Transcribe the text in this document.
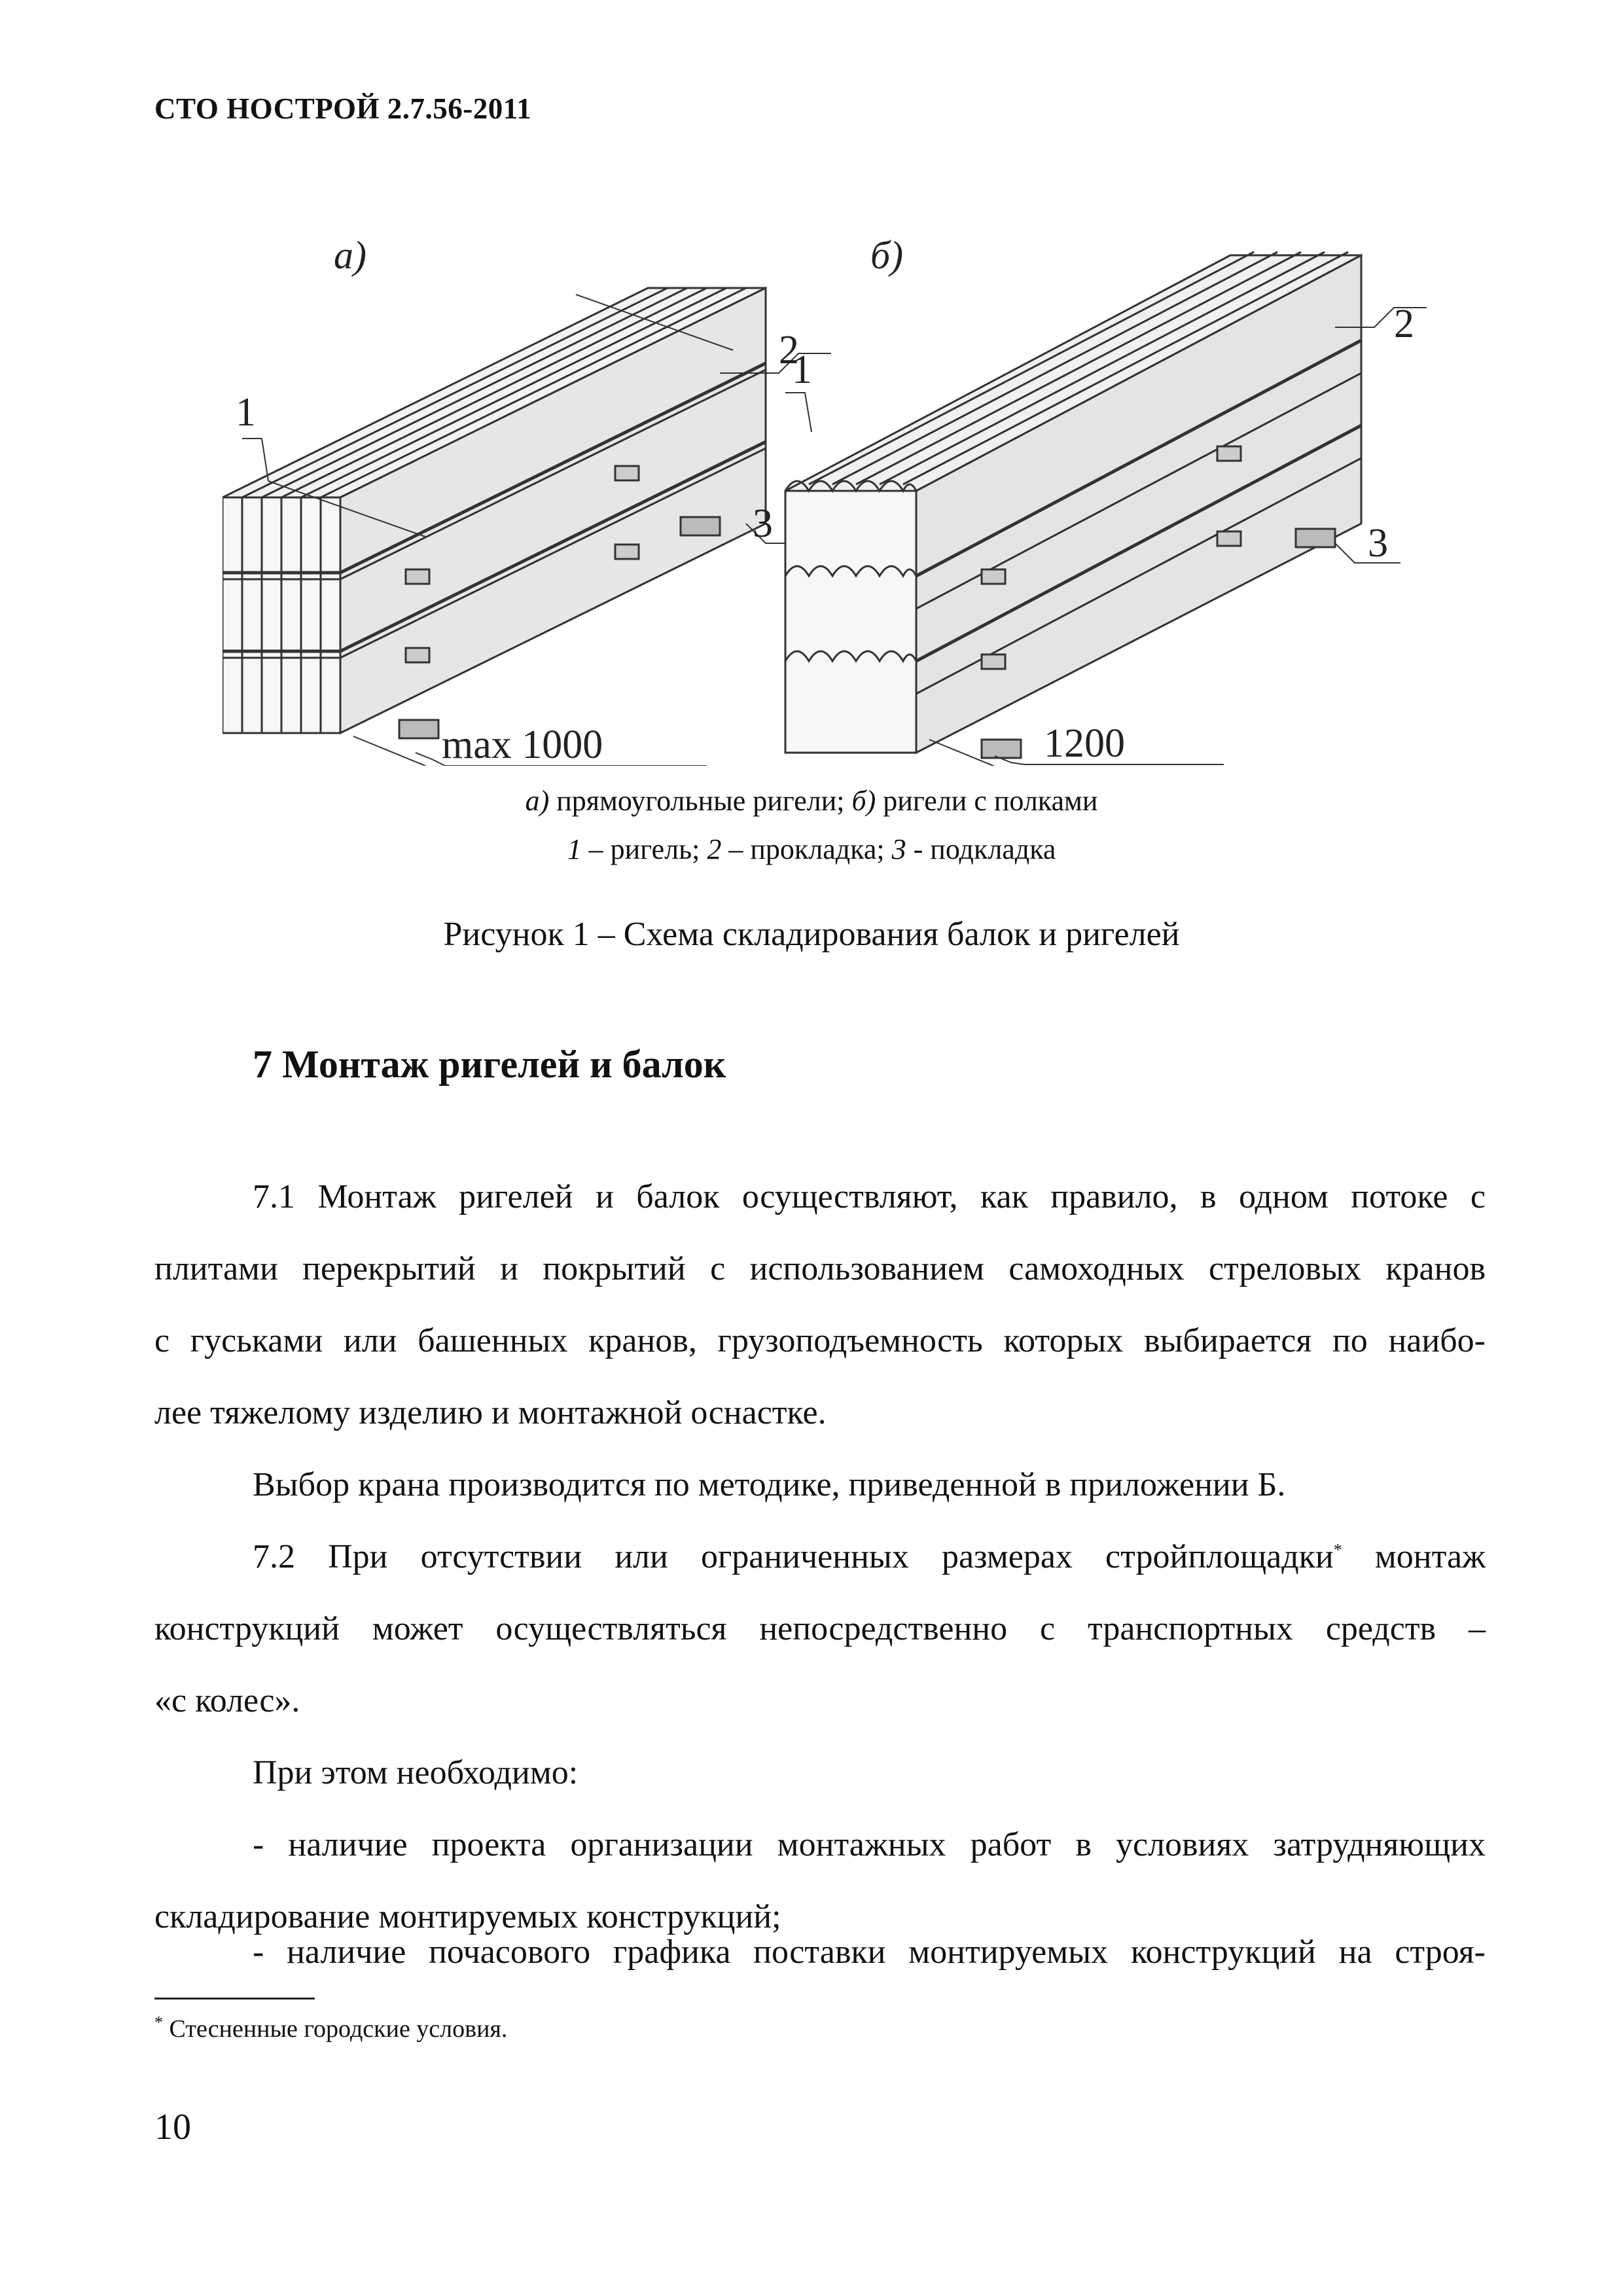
СТО НОСТРОЙ 2.7.56-2011
а)	б)
1
2
3
1
2
3
max 1000	1200
а) прямоугольные ригели; б) ригели с полками
1 – ригель; 2 – прокладка; 3 - подкладка
Рисунок 1 – Схема складирования балок и ригелей
7 Монтаж ригелей и балок
7.1 Монтаж ригелей и балок осуществляют, как правило, в одном потоке с
плитами перекрытий и покрытий с использованием самоходных стреловых кранов
с гуськами или башенных кранов, грузоподъемность которых выбирается по наибо-
лее тяжелому изделию и монтажной оснастке.
Выбор крана производится по методике, приведенной в приложении Б.
7.2 При отсутствии или ограниченных размерах стройплощадки* монтаж
конструкций может осуществляться непосредственно с транспортных средств –
«с колес».
При этом необходимо:
- наличие проекта организации монтажных работ в условиях затрудняющих
складирование монтируемых конструкций;
- наличие почасового графика поставки монтируемых конструкций на строя-
* Стесненные городские условия.
10
